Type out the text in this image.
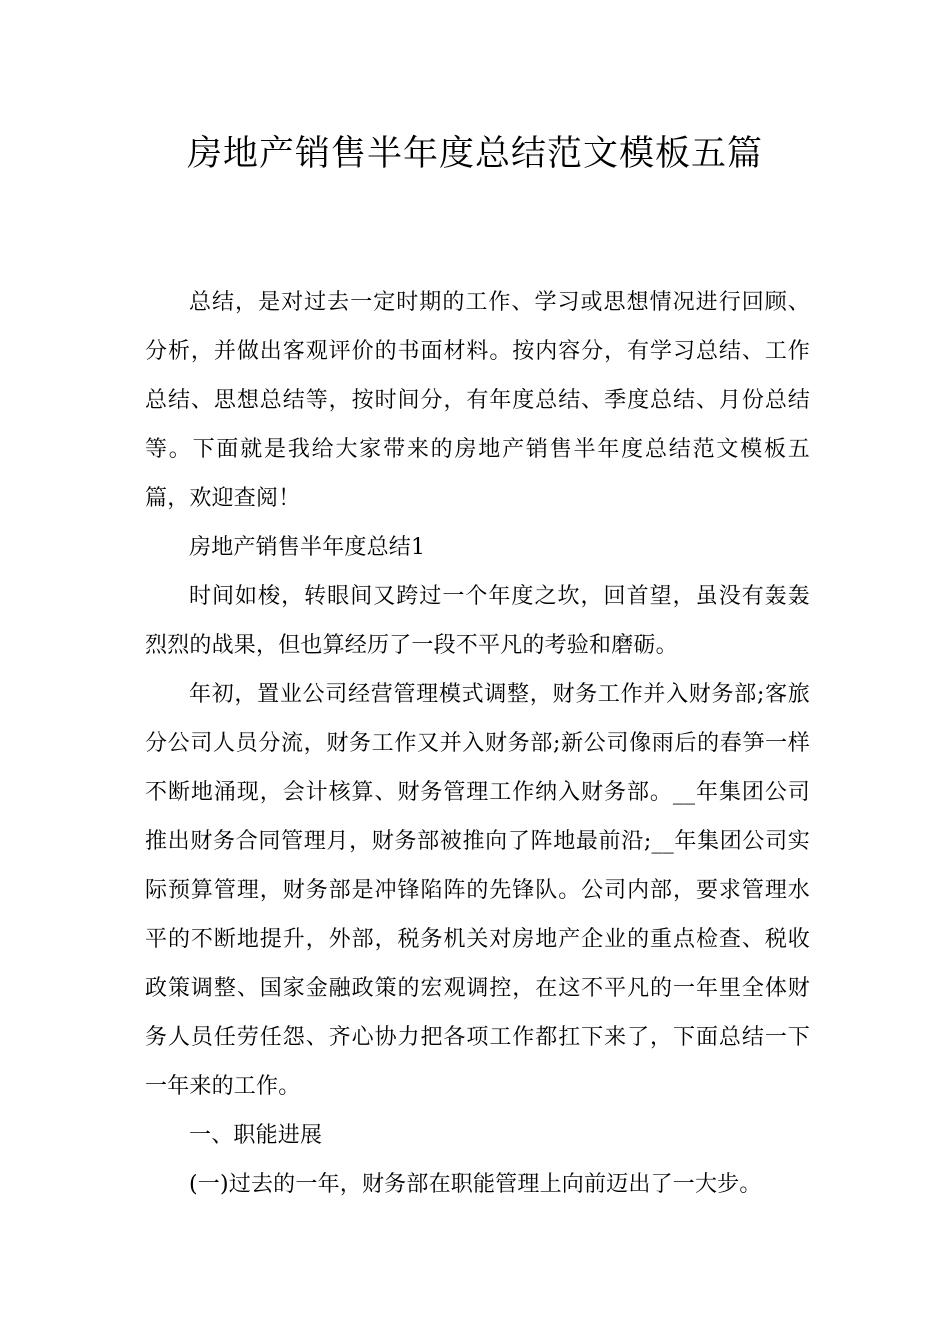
房地产销售半年度总结范文模板五篇

总结，是对过去一定时期的工作、学习或思想情况进行回顾、分析，并做出客观评价的书面材料。按内容分，有学习总结、工作总结、思想总结等，按时间分，有年度总结、季度总结、月份总结等。下面就是我给大家带来的房地产销售半年度总结范文模板五篇，欢迎查阅！

房地产销售半年度总结1

时间如梭，转眼间又跨过一个年度之坎，回首望，虽没有轰轰烈烈的战果，但也算经历了一段不平凡的考验和磨砺。

年初，置业公司经营管理模式调整，财务工作并入财务部;客旅分公司人员分流，财务工作又并入财务部;新公司像雨后的春笋一样不断地涌现，会计核算、财务管理工作纳入财务部。__年集团公司推出财务合同管理月，财务部被推向了阵地最前沿;__年集团公司实际预算管理，财务部是冲锋陷阵的先锋队。公司内部，要求管理水平的不断地提升，外部，税务机关对房地产企业的重点检查、税收政策调整、国家金融政策的宏观调控，在这不平凡的一年里全体财务人员任劳任怨、齐心协力把各项工作都扛下来了，下面总结一下一年来的工作。

一、职能进展

(一)过去的一年，财务部在职能管理上向前迈出了一大步。
